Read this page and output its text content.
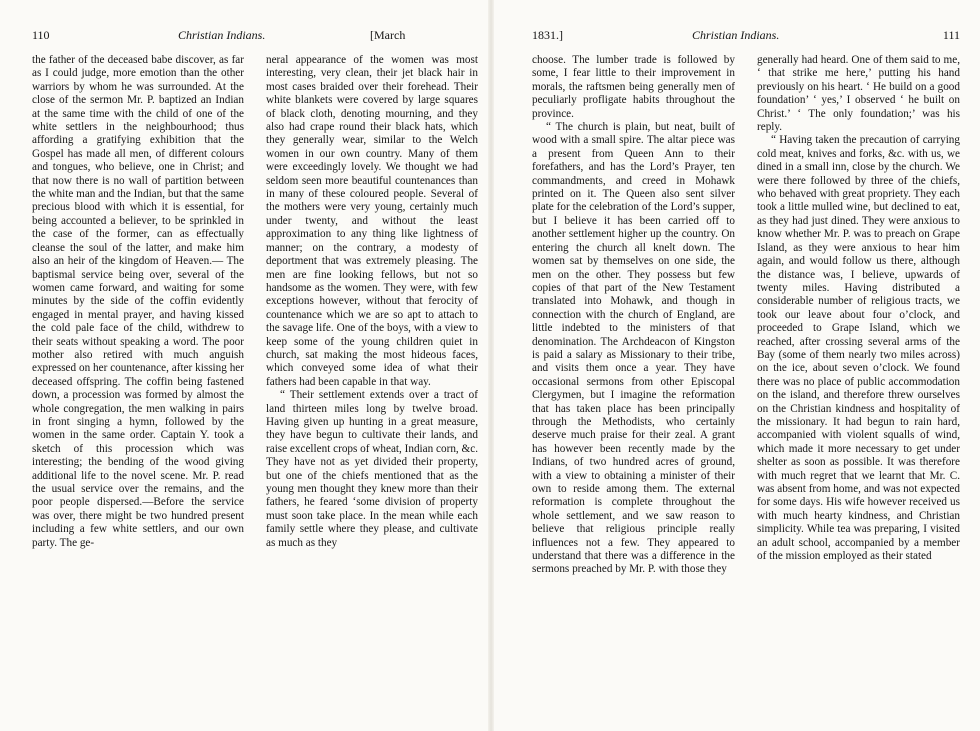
110	Christian Indians.	[March

the father of the deceased babe discover, as far as I could judge, more emotion than the other warriors by whom he was surrounded. At the close of the sermon Mr. P. baptized an Indian at the same time with the child of one of the white settlers in the neighbourhood; thus affording a gratifying exhibition that the Gospel has made all men, of different colours and tongues, who believe, one in Christ; and that now there is no wall of partition between the white man and the Indian, but that the same precious blood with which it is essential, for being accounted a believer, to be sprinkled in the case of the former, can as effectually cleanse the soul of the latter, and make him also an heir of the kingdom of Heaven.— The baptismal service being over, several of the women came forward, and waiting for some minutes by the side of the coffin evidently engaged in mental prayer, and having kissed the cold pale face of the child, withdrew to their seats without speaking a word. The poor mother also retired with much anguish expressed on her countenance, after kissing her deceased offspring. The coffin being fastened down, a procession was formed by almost the whole congregation, the men walking in pairs in front singing a hymn, followed by the women in the same order. Captain Y. took a sketch of this procession which was interesting; the bending of the wood giving additional life to the novel scene. Mr. P. read the usual service over the remains, and the poor people dispersed.—Before the service was over, there might be two hundred present including a few white settlers, and our own party. The ge-

neral appearance of the women was most interesting, very clean, their jet black hair in most cases braided over their forehead. Their white blankets were covered by large squares of black cloth, denoting mourning, and they also had crape round their black hats, which they generally wear, similar to the Welch women in our own country. Many of them were exceedingly lovely. We thought we had seldom seen more beautiful countenances than in many of these coloured people. Several of the mothers were very young, certainly much under twenty, and without the least approximation to any thing like lightness of manner; on the contrary, a modesty of deportment that was extremely pleasing. The men are fine looking fellows, but not so handsome as the women. They were, with few exceptions however, without that ferocity of countenance which we are so apt to attach to the savage life. One of the boys, with a view to keep some of the young children quiet in church, sat making the most hideous faces, which conveyed some idea of what their fathers had been capable in that way.

“ Their settlement extends over a tract of land thirteen miles long by twelve broad. Having given up hunting in a great measure, they have begun to cultivate their lands, and raise excellent crops of wheat, Indian corn, &c. They have not as yet divided their property, but one of the chiefs mentioned that as the young men thought they knew more than their fathers, he feared ‘some division of property must soon take place. In the mean while each family settle where they please, and cultivate as much as they

1831.]	Christian Indians.	111

choose. The lumber trade is followed by some, I fear little to their improvement in morals, the raftsmen being generally men of peculiarly profligate habits throughout the province.

“ The church is plain, but neat, built of wood with a small spire. The altar piece was a present from Queen Ann to their forefathers, and has the Lord’s Prayer, ten commandments, and creed in Mohawk printed on it. The Queen also sent silver plate for the celebration of the Lord’s supper, but I believe it has been carried off to another settlement higher up the country. On entering the church all knelt down. The women sat by themselves on one side, the men on the other. They possess but few copies of that part of the New Testament translated into Mohawk, and though in connection with the church of England, are little indebted to the ministers of that denomination. The Archdeacon of Kingston is paid a salary as Missionary to their tribe, and visits them once a year. They have occasional sermons from other Episcopal Clergymen, but I imagine the reformation that has taken place has been principally through the Methodists, who certainly deserve much praise for their zeal. A grant has however been recently made by the Indians, of two hundred acres of ground, with a view to obtaining a minister of their own to reside among them. The external reformation is complete throughout the whole settlement, and we saw reason to believe that religious principle really influences not a few. They appeared to understand that there was a difference in the sermons preached by Mr. P. with those they

generally had heard. One of them said to me, ‘ that strike me here,’ putting his hand previously on his heart. ‘ He build on a good foundation’ ‘ yes,’ I observed ‘ he built on Christ.’ ‘ The only foundation;’ was his reply.

“ Having taken the precaution of carrying cold meat, knives and forks, &c. with us, we dined in a small inn, close by the church. We were there followed by three of the chiefs, who behaved with great propriety. They each took a little mulled wine, but declined to eat, as they had just dined. They were anxious to know whether Mr. P. was to preach on Grape Island, as they were anxious to hear him again, and would follow us there, although the distance was, I believe, upwards of twenty miles. Having distributed a considerable number of religious tracts, we took our leave about four o’clock, and proceeded to Grape Island, which we reached, after crossing several arms of the Bay (some of them nearly two miles across) on the ice, about seven o’clock. We found there was no place of public accommodation on the island, and therefore threw ourselves on the Christian kindness and hospitality of the missionary. It had begun to rain hard, accompanied with violent squalls of wind, which made it more necessary to get under shelter as soon as possible. It was therefore with much regret that we learnt that Mr. C. was absent from home, and was not expected for some days. His wife however received us with much hearty kindness, and Christian simplicity. While tea was preparing, I visited an adult school, accompanied by a member of the mission employed as their stated
